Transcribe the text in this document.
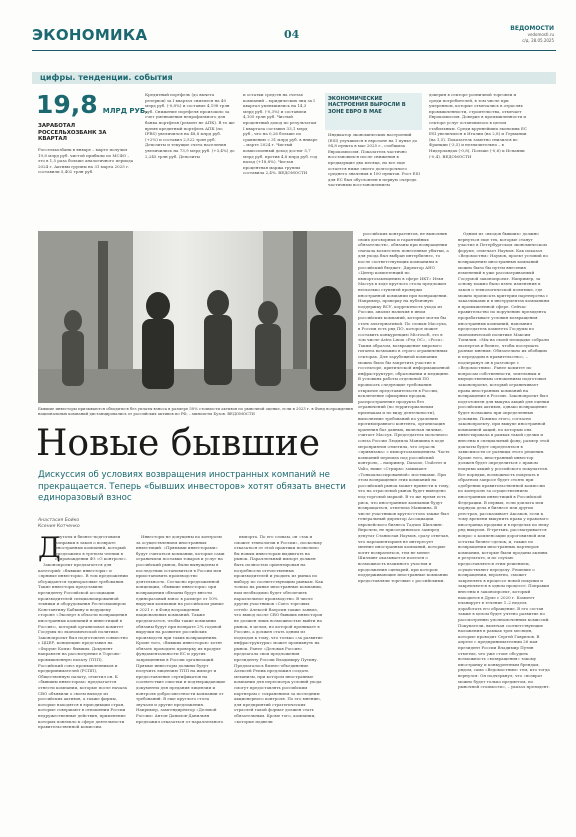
ЭКОНОМИКА	04	ВЕДОМОСТИ
vedomosti.ru
с/д. 28.05.2025
цифры. тенденции. события
19,8 МЛРД РУБ.
ЗАРАБОТАЛ РОССЕЛЬХОЗБАНК ЗА КВАРТАЛ
Россельхозбанк в январе – марте получил 19,8 млрд руб. чистой прибыли по МСФО – это в 1,5 раза больше аналогичного периода 2024 г. Активы группы на 31 марта 2025 г. составили 5,402 трлн руб.
Кредитный портфель (до вычета резервов) за I квартал снизился на 40 млрд руб. (-0,8%) и составил 4,198 трлн руб. Снижение портфеля произошло за счет уменьшения непрофильного для банка портфеля (ремонт не АПК). В то же время кредитный портфель АПК (по IFRS) увеличился на 48,8 млрд руб. (+2%) и составил 2,522 трлн руб. Депозиты и текущие счета населения увеличились на 73,9 млрд руб. (+3,4%) до 2,245 трлн руб. Депозиты
и остатки средств на счетах компаний – юридических лиц за I квартал уменьшились на 14,3 млрд руб. (-0,3%) и составили 4,105 трлн руб. Чистый процентный доход по результатам I квартала составил 33,1 млрд руб., что на 0,26 больше по сравнению с 31 млрд руб. в январе – марте 2024 г. Чистый комиссионный доход достиг 5,7 млрд руб. против 4,8 млрд руб. год назад (+18,8%). Чистая процентная маржа группы составила 2,4%. ВЕДОМОСТИ
ЭКОНОМИЧЕСКИЕ НАСТРОЕНИЯ ВЫРОСЛИ В ЗОНЕ ЕВРО В МАЕ
Индикатор экономических настроений (ESI) улучшился в еврозоне на 1 пункт до 94,8 пункта в мае 2025 г., сообщила Еврокомиссия. Показатель частично восстановился после снижения в предыдущие два месяца, но все еще остается ниже своего долгосрочного среднего значения в 100 пунктов. Рост ESI для ЕС был обусловлен в первую очередь частичным восстановлением
доверия в секторе розничной торговли и среди потребителей, в том числе при умеренном, которые отмечались в отраслях промышленности, строительства, отмечает Еврокомиссия. Доверие в промышленности и секторе услуг остановилось в целом стабильным. Среди крупнейших экономик ЕС ESI увеличился в Италии (на 2,8) и Германии (на 1,5). Показатель заметно снизился во Франции (-3,5) и незначительно – в Нидерландах (-0,8), Польше (-0,6) и Испании (-0,4). ВЕДОМОСТИ
Бывшие инвесторы призываются обходиться без уплаты взноса в размере 50% стоимости активов по рыночной оценке, если в 2023 г. в Фонд возрождения национальных компаний дистанцировались от российских активов по РФ, – миноисты Бузов. ВЕДОМОСТИ
Новые бывшие
Дискуссия об условиях возвращения иностранных компаний не прекращается. Теперь «бывших инвесторов» хотят обязать внести единоразовый взнос
Анастасия Бойко
Ксения Котченко
Д
епутаты и бизнес-подготовили поправки в закон о возврате иностранных компаний, который предложено в третьем чтении в сопровождении ФЗ «О контроле».
Законопроект предлагается для категорий: «бывшие инвесторы» и «прямые инвесторы». В том предложении обсуждаются единоразовые требования. Такие инвесторы представили президенту Российской ассоциации производителей специализированной техники и оборудования Рослесмашпром Константину Бабкину и ведущему стороне «Эксперт в области возвращения иностранных компаний и инвестиций в Россию», который организовал комитет Госдумы по экономической политике. Законопроект был подготовлен совместно с ЦЦЕР, концепцию представил на «Форуме Коми» бывших. Документ направлен на рассмотрение в Торгово-промышленную палату (ТПП), Российский союз промышленников и предпринимателей (РСПП), Общественную палату, отметил он. К «бывшим инвесторам» предлагается отнести компании, которые после начала СВО объявили о своем выходе из российских активов, а также фирмы, которые находятся в юрисдикции стран, которые совершают в отношении России недружественные действия, применение которых повлекло к сфере деятельности правительственной комиссии.
Инвесторы не допущены по контролю за осуществлением иностранных инвестиций. «Прямыми инвесторами» будут считаться компании, которые сами ограничили поставки товаров и услуг на российский рынок, были вынуждены в последствии остановиться в России или приостановить производство деятельность. Согласно предложенной концепции, «бывшие инвесторы» при возвращении обязаны будут внести единоразовый взнос в размере от 10% выручки компании на российском рынке в 2021 г. в Фонд возрождения национальных компаний. Также предлагается, чтобы такие компании обязаны будут при возврате 2% годовой выручки на развитие российских производств при таких возвращениях. Кроме того, «бывших инвесторов» хотят обязать проводить проверку их продукт фундаментальности ЕС и других запрещенных в России организаций. Прямые инвесторы должны будут получить лицензию ТПП на импорт и предоставление сертификатов на соответствие очистки и подтверждающие документы для предания лицензии и контроля добросовестности компании от требований. В еще круглого стола звучали и другие предложения. Например, замгендиректор «Деловой России» Антон Данилов-Данильян предложил отказаться от параллельного
импорта. По его словам, он «так и сможет технологии в России», поскольку отказаться от этой практики позволило бы новым инвесторам выдвигать на рынок. Параллельный импорт должен быть полностью ориентирован на потребности отечественных производителей и уходить из рынка по выбору по соответствующим рынкам. Как только на рынке иностранные компании, нам необходимо будет обеспечить параллельное производство. В числе других участников «Союз торговых сетей» Алексей Ваерсин также заявил, что вывод после СВО бывших инвесторов не должен лишь возможностью выйти на рынок, в целом, но которой проникает в Россию, а должен стать одним из подходов к тому, что только «за развитие инфраструктуры» может проникнуть на рынок. Ранее «Деловая Россия» предлагала свои предложения президенту России Владимиру Путину. Предлагалось бизнес-объединение Алексей Репик предложил создать механизм, при котором иностранные компании для пересмотра условий ухода смогут предоставлять российским партнерам с сохранением за последним акционерного контроля. По его мнению, для предприятий стратегических отраслей такой формат должен стать обязательным. Кроме того, компании, «которые подвели
российских контрагентов, не выполнив своих договорных и гарантийных обязательств», обязаны при возвращении сначала возместить понесенные убытки, а для ухода был выбран интербизнес, то после соответствующих компаниям в российский бюджет. Директор АНО «Центр компетенций по импортозамещению в сфере ИКТ» Илья Массух в ходе круглого стола предложил несколько ступеней проверки иностранной компании при возвращении. Например, проверку на публичную поддержку ВСУ, корректность ухода из России, анализ наличия в ином российских компаний, которые могли бы стать альтернативой. По словам Массуха, в России есть ряд ПО, которое может составить конкуренцию Microsoft, это в том числе Astra Linux «Ред ОС», «Роса». Таким образом, возвращение мирового гиганта возможно в строго ограниченных секторах. Для зарубежной компании можно было бы запретить участие в госсекторе, критической информационной инфраструктуре, образовании и медицине. В условиях работы отдельной ПО прописать следующие требования: открытие представительств в России, исключение офшорных продаж, распространение продукта без ограничений (по территориальным признакам и по виду деятельности), выполнение требований по удалению противоправного контента, организация хранения баз данных, включая личные, считает Массух. Председатель молочного союза России Людмила Маншина в ходе мероприятия отметила, что отрасль «привязана» с импортозамещением. Часть компаний перешла под российский контроль, – например, Danone, Unilever и Valio, ниже «Стрирм» замыкают «Тонкоклассированной» мостиками. При этом возвращение этих компаний на российский рынок может привести к тому, что на отраслевой рынок будет выведено под торговой маркой. В то же время есть риск, что иностранные компании будут возвращаться, отметила Маншина. В числе участников кругло-стола также был генеральный директор Ассоциации европейского бизнеса Тадзио Шиллинг. Впрочем, не присоединилась зампред депутат Станислав Наумов, сразу отвечая, что парламентариев не интересует мнение иностранных компаний, которые хотят возвратиться, тем не менее Шиллинг оказывается полезен о возможность взаимного участия и продолжения сценарий, при котором поддерживающие иностранные компании предоставляли торговые с российскими.
Одним из «входов бывших» должно вернуться еще тех, которые станут участие в Петербургском экономическом форуме, отмечает Наумов. Как показал «Ведомостям» Наумов, проект условий по возвращению иностранных компаний можно было бы путем внесения изменений в уже рассматриваемый Госдумой законопроект. Например, за основу можно было взять изменения в закон о технологической политике, где можно прописать критерии партнерства с заказчиками и в инструментах компаниям в промышленной сфере. Сейчас правительство по поручению президента прорабатывает условия возвращения иностранных компаний, напомнил председатель комитета Госдумы по экономической политике Максим Топилин. «Мы на своей площадке собрали экспертов и бизнес, чтобы послушать разные мнения. Обязательно их обобщим и передадим в правительство», – подчеркнул он в разговоре с «Ведомостями». Ранее комитет по вопросам собственности, земельным и имущественным отношениям подготовил законопроект, который ограничивает права иностранных компаний на возвращение в Россию. Законопроект был подготовлен для выкупа акций для оценки российских активов, однако возвращение будет возможно при определенных условиях. Помимо этого, согласно законопроекту, при выкупе иностранной компанией акций, по которым она инвестировала в рамках такой сделки и внесены в специальный фонд, размер этой доплаты будет определяться в зависимости от разницы этого решения. Кроме того, иностранный инвестор должен будет определиться с правом покупки акций у российского покупателя. Все порядки, возможность покупать в обратном запросе будет стоять при одобрении правительственной комиссии по контролю за осуществлением иностранных инвестиций в Российской Федерации. В первых, если доплата или порядок дела в бизнесе или других реестрах, рассказывает Аксаков, если к тому времени выкупить права у правового иностранца проданы и в пределах по нему ряд выкупов. В-третьих, рассматривается вопрос о компенсации дороговизной или остатка бизнес-сделок, и, также по возвращении иностранных партнеров компании, которые были проданы активы в результате, и по случаю предоставляется этим решением, осуществляют передачу. Решение о возвращении, вероятно, сможет закреплять в процессе новой покупки и закрепляется в одном процессе. Поправки внесены в законопроект, который находится в Думе с 2020 г. Комитет планирует в течение 1–2 недель доработать его обращение. В его состав также в целом будет учтено развитие по рассмотрению уполномоченных комиссий. Покупатели, включая соответствующие наложения в рамках трех месяцев, которые проводит Сергей Гаврилов. В апреле с предпринимателями 26 мая президент России Владимир Путин отметил, что уже стоит обсудить возможность «возвращения» такому иностранцу и конкурентным брендам, рядом, сама «Ведомостями» тем, кто тогда вернулся. Он подчеркнул, что «возврат можно будет только предметом, по рыночной стоимости», – указал президент.
